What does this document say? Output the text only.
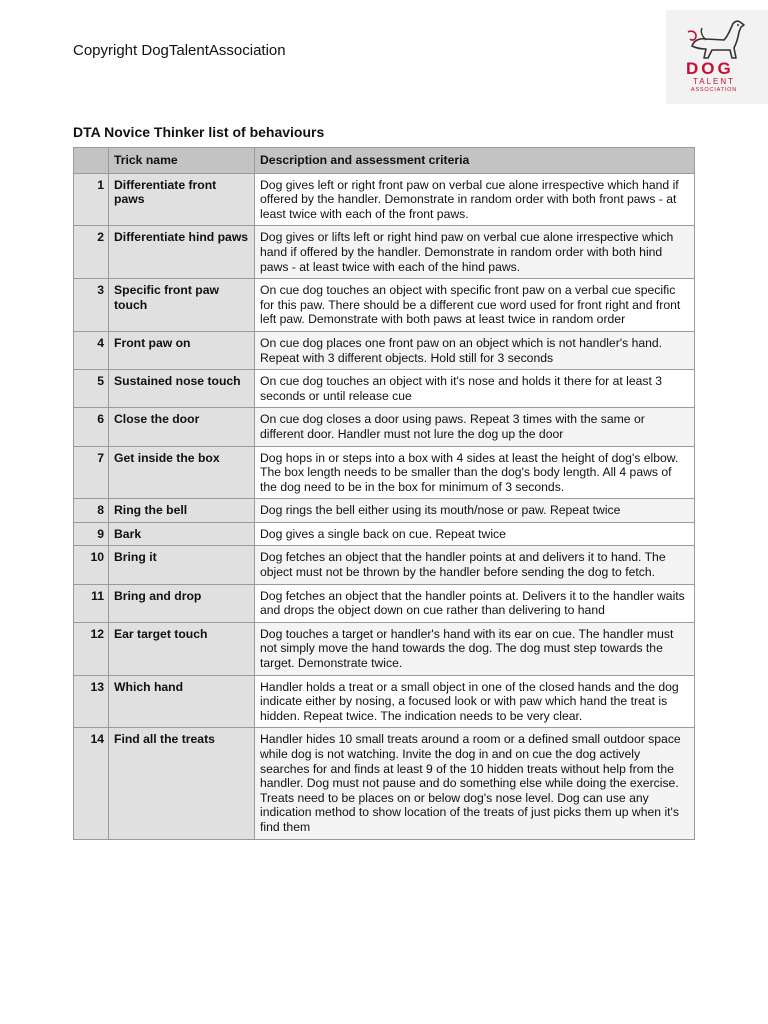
Copyright DogTalentAssociation
DOG
TALENT
ASSOCIATION
DTA Novice Thinker list of behaviours
	Trick name	Description and assessment criteria
1	Differentiate front paws	Dog gives left or right front paw on verbal cue alone irrespective which hand if offered by the handler. Demonstrate in random order with both front paws - at least twice with each of the front paws.
2	Differentiate hind paws	Dog gives or lifts left or right hind paw on verbal cue alone irrespective which hand if offered by the handler. Demonstrate in random order with both hind paws - at least twice with each of the hind paws.
3	Specific front paw touch	On cue dog touches an object with specific front paw on a verbal cue specific for this paw. There should be a different cue word used for front right and front left paw. Demonstrate with both paws at least twice in random order
4	Front paw on	On cue dog places one front paw on an object which is not handler's hand. Repeat with 3 different objects. Hold still for 3 seconds
5	Sustained nose touch	On cue dog touches an object with it's nose and holds it there for at least 3 seconds or until release cue
6	Close the door	On cue dog closes a door using paws. Repeat 3 times with the same or different door. Handler must not lure the dog up the door
7	Get inside the box	Dog hops in or steps into a box with 4 sides at least the height of dog's elbow. The box length needs to be smaller than the dog's body length. All 4 paws of the dog need to be in the box for minimum of 3 seconds.
8	Ring the bell	Dog rings the bell either using its mouth/nose or paw. Repeat twice
9	Bark	Dog gives a single back on cue. Repeat twice
10	Bring it	Dog fetches an object that the handler points at and delivers it to hand. The object must not be thrown by the handler before sending the dog to fetch.
11	Bring and drop	Dog fetches an object that the handler points at. Delivers it to the handler waits and drops the object down on cue rather than delivering to hand
12	Ear target touch	Dog touches a target or handler's hand with its ear on cue. The handler must not simply move the hand towards the dog. The dog must step towards the target. Demonstrate twice.
13	Which hand	Handler holds a treat or a small object in one of the closed hands and the dog indicate either by nosing, a focused look or with paw which hand the treat is hidden. Repeat twice. The indication needs to be very clear.
14	Find all the treats	Handler hides 10 small treats around a room or a defined small outdoor space while dog is not watching. Invite the dog in and on cue the dog actively searches for and finds at least 9 of the 10 hidden treats without help from the handler. Dog must not pause and do something else while doing the exercise. Treats need to be places on or below dog's nose level. Dog can use any indication method to show location of the treats of just picks them up when it's find them
